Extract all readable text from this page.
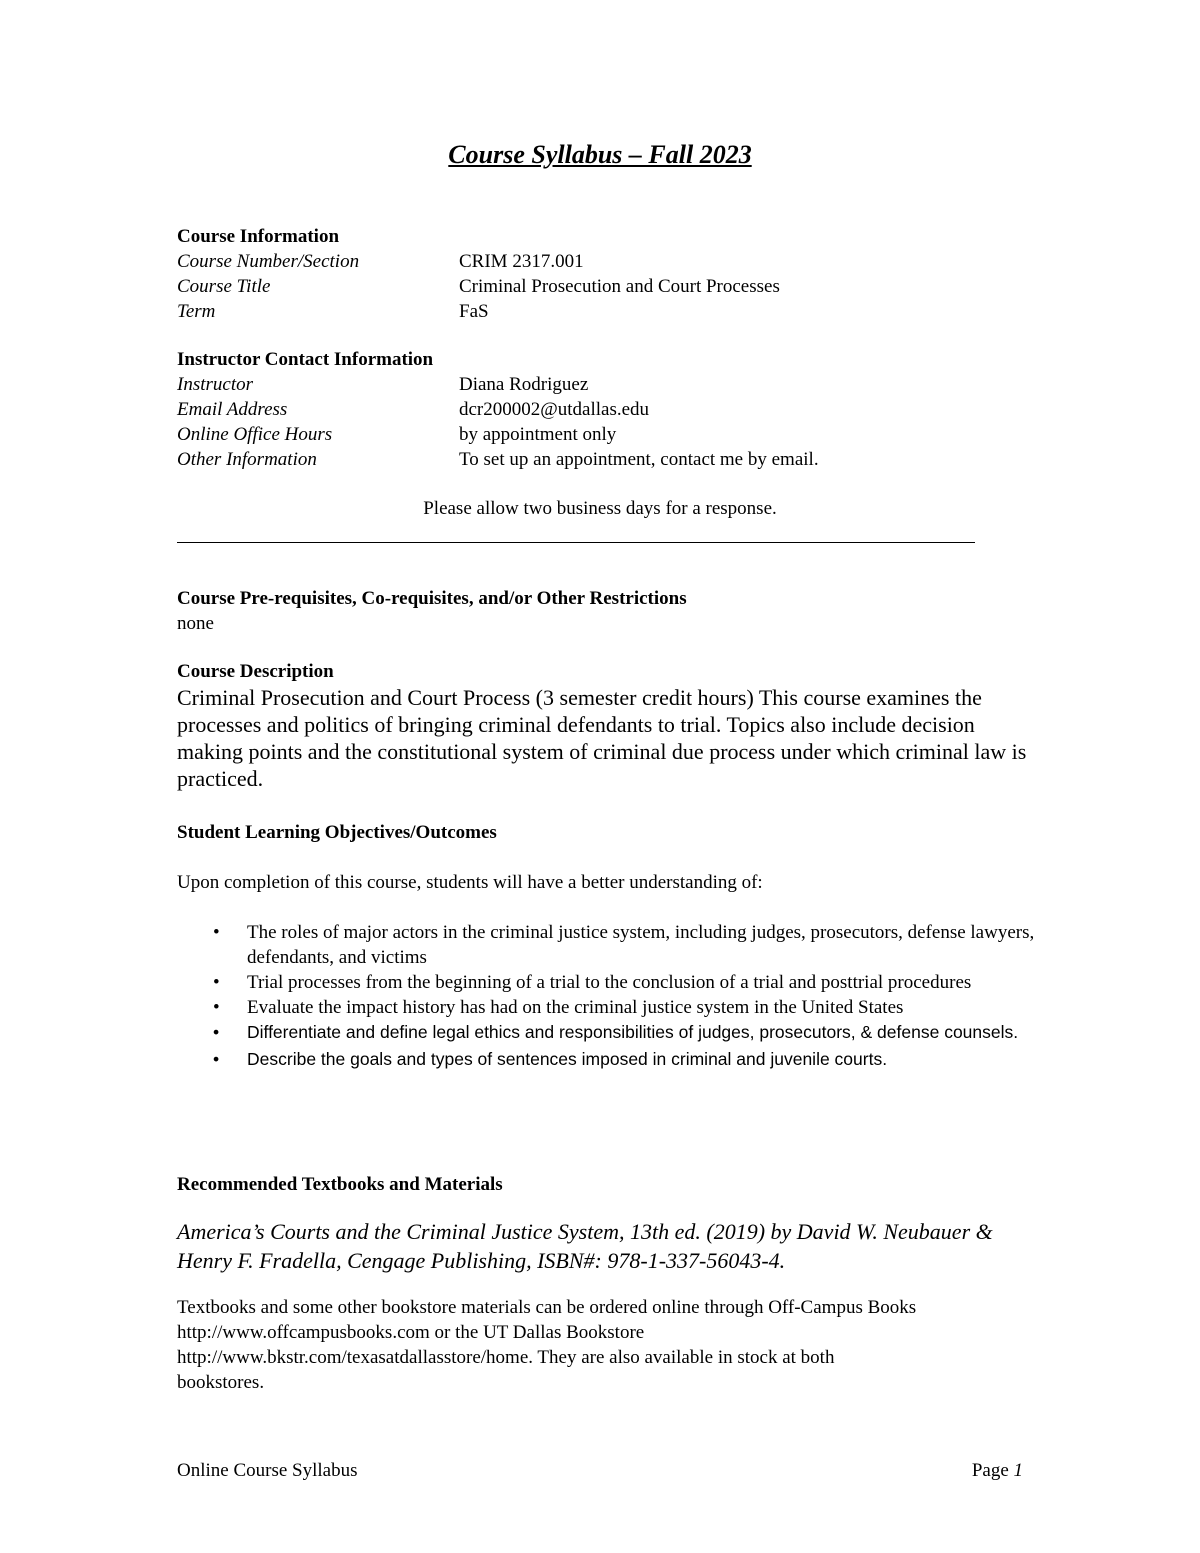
Course Syllabus – Fall 2023
Course Information
Course Number/Section	CRIM 2317.001
Course Title	Criminal Prosecution and Court Processes
Term	FaS
Instructor Contact Information
Instructor	Diana Rodriguez
Email Address	dcr200002@utdallas.edu
Online Office Hours	by appointment only
Other Information	To set up an appointment, contact me by email.
Please allow two business days for a response.
Course Pre-requisites, Co-requisites, and/or Other Restrictions
none
Course Description
Criminal Prosecution and Court Process (3 semester credit hours) This course examines the processes and politics of bringing criminal defendants to trial. Topics also include decision making points and the constitutional system of criminal due process under which criminal law is practiced.
Student Learning Objectives/Outcomes
Upon completion of this course, students will have a better understanding of:
• The roles of major actors in the criminal justice system, including judges, prosecutors, defense lawyers, defendants, and victims
• Trial processes from the beginning of a trial to the conclusion of a trial and posttrial procedures
• Evaluate the impact history has had on the criminal justice system in the United States
• Differentiate and define legal ethics and responsibilities of judges, prosecutors, & defense counsels.
• Describe the goals and types of sentences imposed in criminal and juvenile courts.
Recommended Textbooks and Materials
America’s Courts and the Criminal Justice System, 13th ed. (2019) by David W. Neubauer & Henry F. Fradella, Cengage Publishing, ISBN#: 978-1-337-56043-4.
Textbooks and some other bookstore materials can be ordered online through Off-Campus Books
http://www.offcampusbooks.com or the UT Dallas Bookstore
http://www.bkstr.com/texasatdallasstore/home. They are also available in stock at both
bookstores.
Online Course Syllabus	Page 1
